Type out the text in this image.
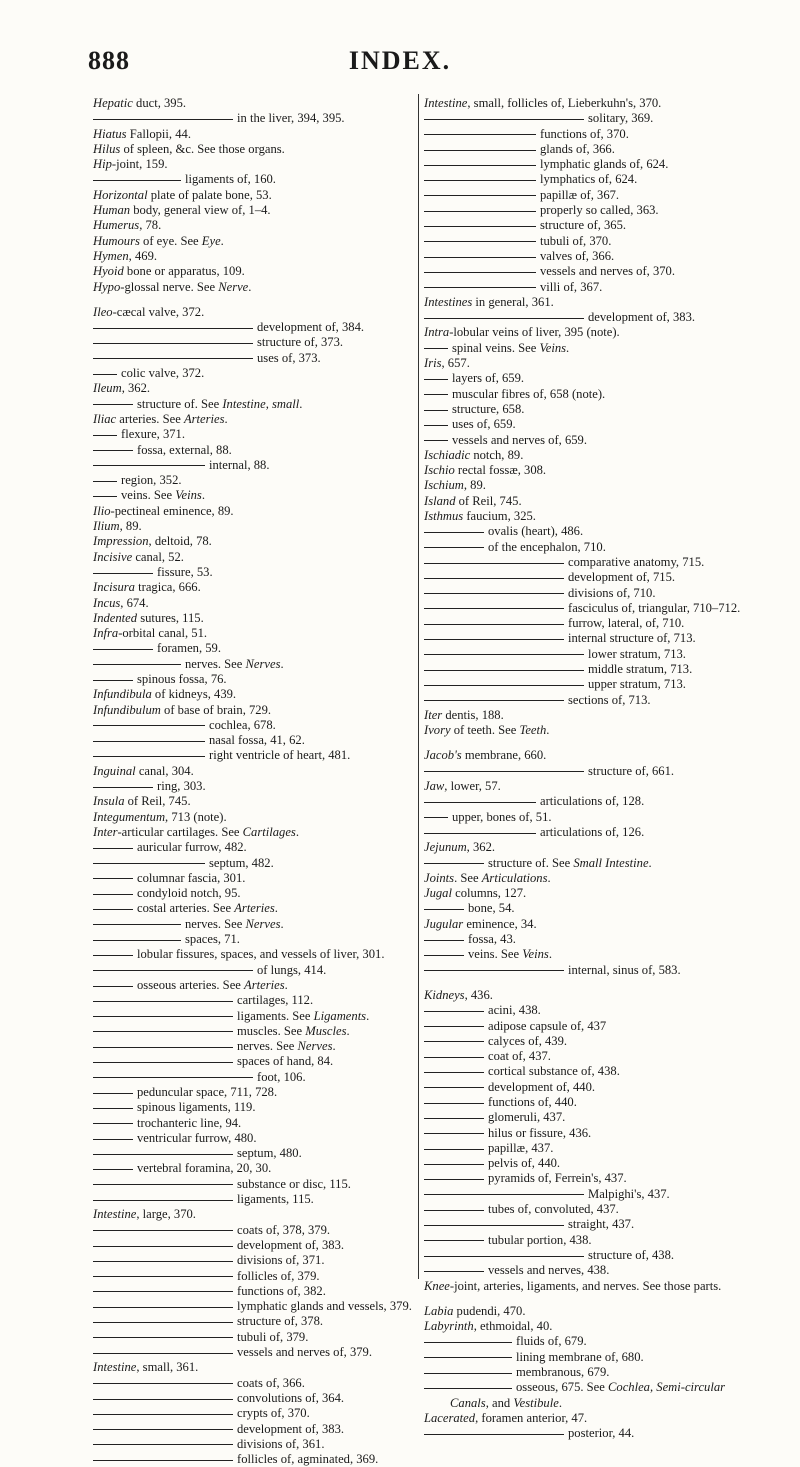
888	INDEX.
Hepatic duct, 395.
in the liver, 394, 395.
Hiatus Fallopii, 44.
Hilus of spleen, &c. See those organs.
Hip-joint, 159.
ligaments of, 160.
Horizontal plate of palate bone, 53.
Human body, general view of, 1–4.
Humerus, 78.
Humours of eye. See Eye.
Hymen, 469.
Hyoid bone or apparatus, 109.
Hypo-glossal nerve. See Nerve.
Ileo-cæcal valve, 372.
development of, 384.
structure of, 373.
uses of, 373.
colic valve, 372.
Ileum, 362.
structure of. See Intestine, small.
Iliac arteries. See Arteries.
flexure, 371.
fossa, external, 88.
internal, 88.
region, 352.
veins. See Veins.
Ilio-pectineal eminence, 89.
Ilium, 89.
Impression, deltoid, 78.
Incisive canal, 52.
fissure, 53.
Incisura tragica, 666.
Incus, 674.
Indented sutures, 115.
Infra-orbital canal, 51.
foramen, 59.
nerves. See Nerves.
spinous fossa, 76.
Infundibula of kidneys, 439.
Infundibulum of base of brain, 729.
cochlea, 678.
nasal fossa, 41, 62.
right ventricle of heart, 481.
Inguinal canal, 304.
ring, 303.
Insula of Reil, 745.
Integumentum, 713 (note).
Inter-articular cartilages. See Cartilages.
auricular furrow, 482.
septum, 482.
columnar fascia, 301.
condyloid notch, 95.
costal arteries. See Arteries.
nerves. See Nerves.
spaces, 71.
lobular fissures, spaces, and vessels of liver, 301.
of lungs, 414.
osseous arteries. See Arteries.
cartilages, 112.
ligaments. See Ligaments.
muscles. See Muscles.
nerves. See Nerves.
spaces of hand, 84.
foot, 106.
peduncular space, 711, 728.
spinous ligaments, 119.
trochanteric line, 94.
ventricular furrow, 480.
septum, 480.
vertebral foramina, 20, 30.
substance or disc, 115.
ligaments, 115.
Intestine, large, 370.
coats of, 378, 379.
development of, 383.
divisions of, 371.
follicles of, 379.
functions of, 382.
lymphatic glands and vessels, 379.
structure of, 378.
tubuli of, 379.
vessels and nerves of, 379.
Intestine, small, 361.
coats of, 366.
convolutions of, 364.
crypts of, 370.
development of, 383.
divisions of, 361.
follicles of, agminated, 369.
Intestine, small, follicles of, Lieberkuhn's, 370.
solitary, 369.
functions of, 370.
glands of, 366.
lymphatic glands of, 624.
lymphatics of, 624.
papillæ of, 367.
properly so called, 363.
structure of, 365.
tubuli of, 370.
valves of, 366.
vessels and nerves of, 370.
villi of, 367.
Intestines in general, 361.
development of, 383.
Intra-lobular veins of liver, 395 (note).
spinal veins. See Veins.
Iris, 657.
layers of, 659.
muscular fibres of, 658 (note).
structure, 658.
uses of, 659.
vessels and nerves of, 659.
Ischiadic notch, 89.
Ischio rectal fossæ, 308.
Ischium, 89.
Island of Reil, 745.
Isthmus faucium, 325.
ovalis (heart), 486.
of the encephalon, 710.
comparative anatomy, 715.
development of, 715.
divisions of, 710.
fasciculus of, triangular, 710–712.
furrow, lateral, of, 710.
internal structure of, 713.
lower stratum, 713.
middle stratum, 713.
upper stratum, 713.
sections of, 713.
Iter dentis, 188.
Ivory of teeth. See Teeth.
Jacob's membrane, 660.
structure of, 661.
Jaw, lower, 57.
articulations of, 128.
upper, bones of, 51.
articulations of, 126.
Jejunum, 362.
structure of. See Small Intestine.
Joints. See Articulations.
Jugal columns, 127.
bone, 54.
Jugular eminence, 34.
fossa, 43.
veins. See Veins.
internal, sinus of, 583.
Kidneys, 436.
acini, 438.
adipose capsule of, 437
calyces of, 439.
coat of, 437.
cortical substance of, 438.
development of, 440.
functions of, 440.
glomeruli, 437.
hilus or fissure, 436.
papillæ, 437.
pelvis of, 440.
pyramids of, Ferrein's, 437.
Malpighi's, 437.
tubes of, convoluted, 437.
straight, 437.
tubular portion, 438.
structure of, 438.
vessels and nerves, 438.
Knee-joint, arteries, ligaments, and nerves. See those parts.
Labia pudendi, 470.
Labyrinth, ethmoidal, 40.
fluids of, 679.
lining membrane of, 680.
membranous, 679.
osseous, 675. See Cochlea, Semi-circular Canals, and Vestibule.
Lacerated, foramen anterior, 47.
posterior, 44.
